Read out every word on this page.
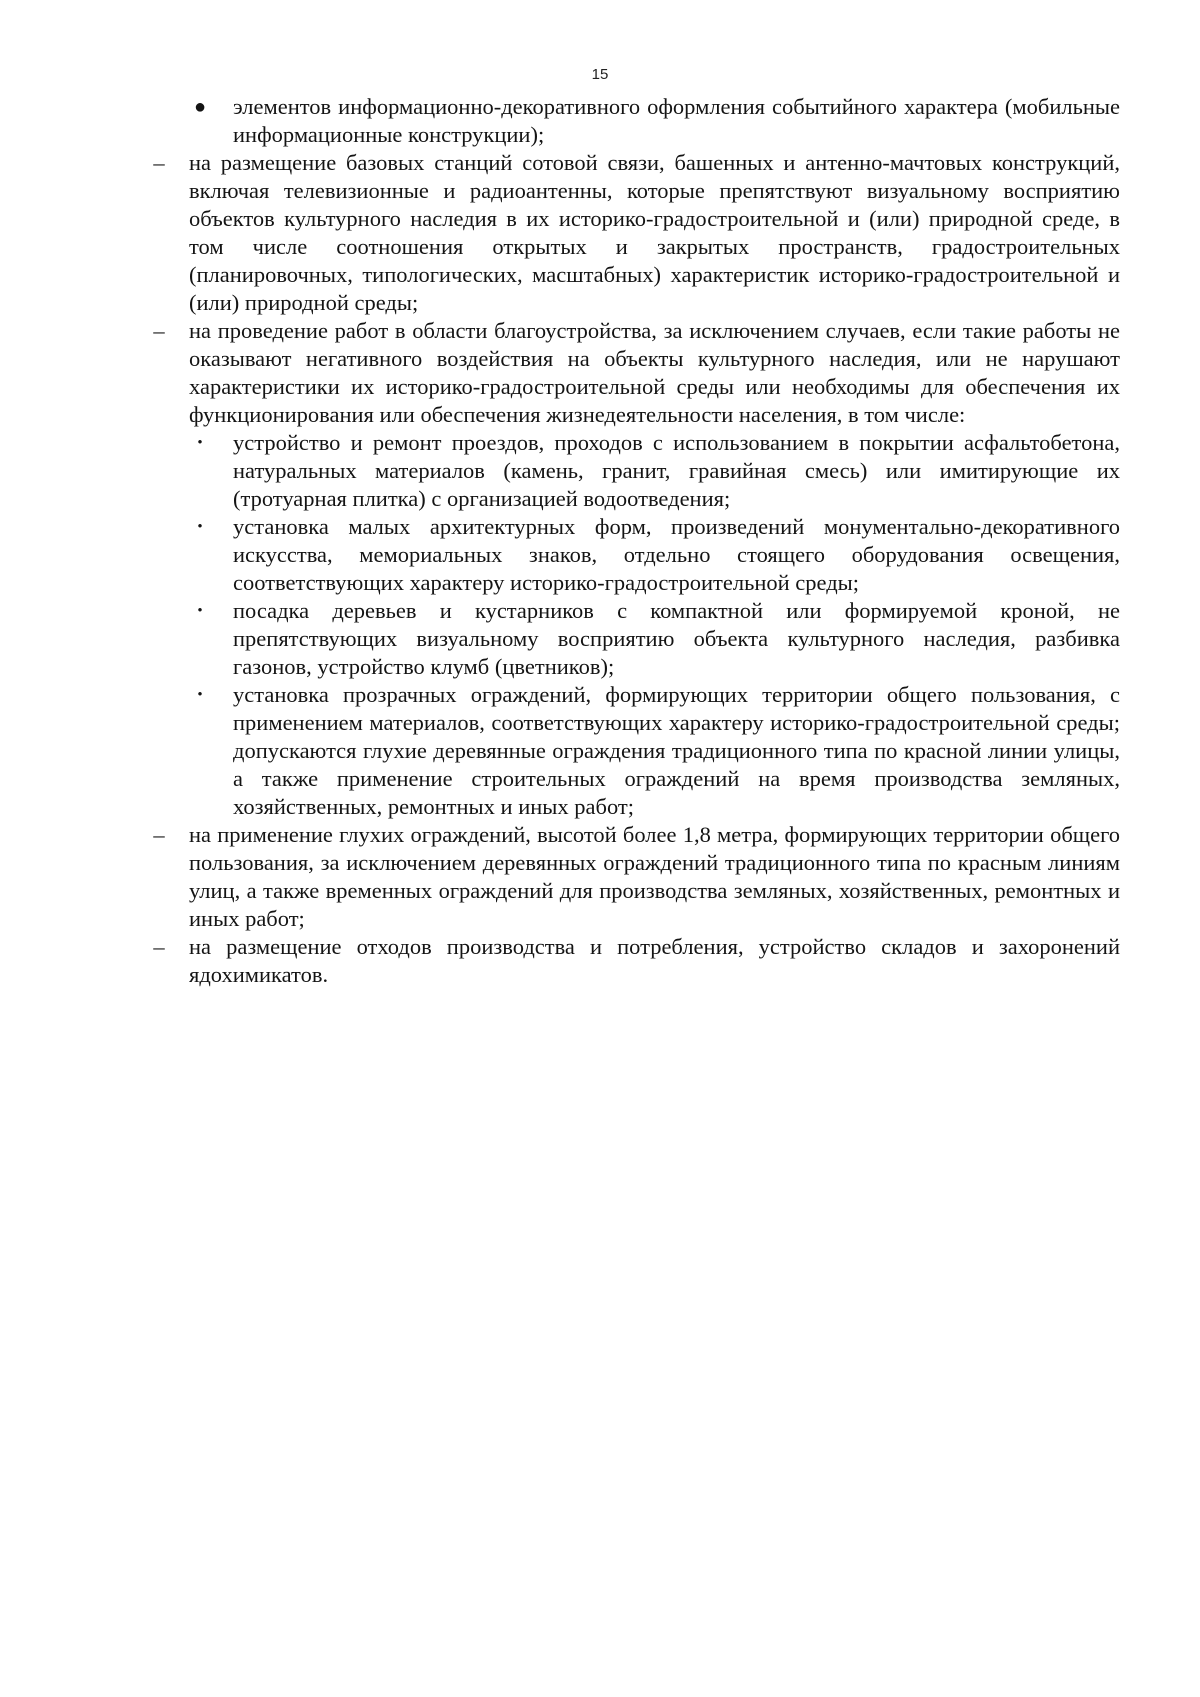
15
● элементов информационно-декоративного оформления событийного характера (мобильные информационные конструкции);
– на размещение базовых станций сотовой связи, башенных и антенно-мачтовых конструкций, включая телевизионные и радиоантенны, которые препятствуют визуальному восприятию объектов культурного наследия в их историко-градостроительной и (или) природной среде, в том числе соотношения открытых и закрытых пространств, градостроительных (планировочных, типологических, масштабных) характеристик историко-градостроительной и (или) природной среды;
– на проведение работ в области благоустройства, за исключением случаев, если такие работы не оказывают негативного воздействия на объекты культурного наследия, или не нарушают характеристики их историко-градостроительной среды или необходимы для обеспечения их функционирования или обеспечения жизнедеятельности населения, в том числе:
• устройство и ремонт проездов, проходов с использованием в покрытии асфальтобетона, натуральных материалов (камень, гранит, гравийная смесь) или имитирующие их (тротуарная плитка) с организацией водоотведения;
• установка малых архитектурных форм, произведений монументально-декоративного искусства, мемориальных знаков, отдельно стоящего оборудования освещения, соответствующих характеру историко-градостроительной среды;
• посадка деревьев и кустарников с компактной или формируемой кроной, не препятствующих визуальному восприятию объекта культурного наследия, разбивка газонов, устройство клумб (цветников);
• установка прозрачных ограждений, формирующих территории общего пользования, с применением материалов, соответствующих характеру историко-градостроительной среды; допускаются глухие деревянные ограждения традиционного типа по красной линии улицы, а также применение строительных ограждений на время производства земляных, хозяйственных, ремонтных и иных работ;
– на применение глухих ограждений, высотой более 1,8 метра, формирующих территории общего пользования, за исключением деревянных ограждений традиционного типа по красным линиям улиц, а также временных ограждений для производства земляных, хозяйственных, ремонтных и иных работ;
– на размещение отходов производства и потребления, устройство складов и захоронений ядохимикатов.
